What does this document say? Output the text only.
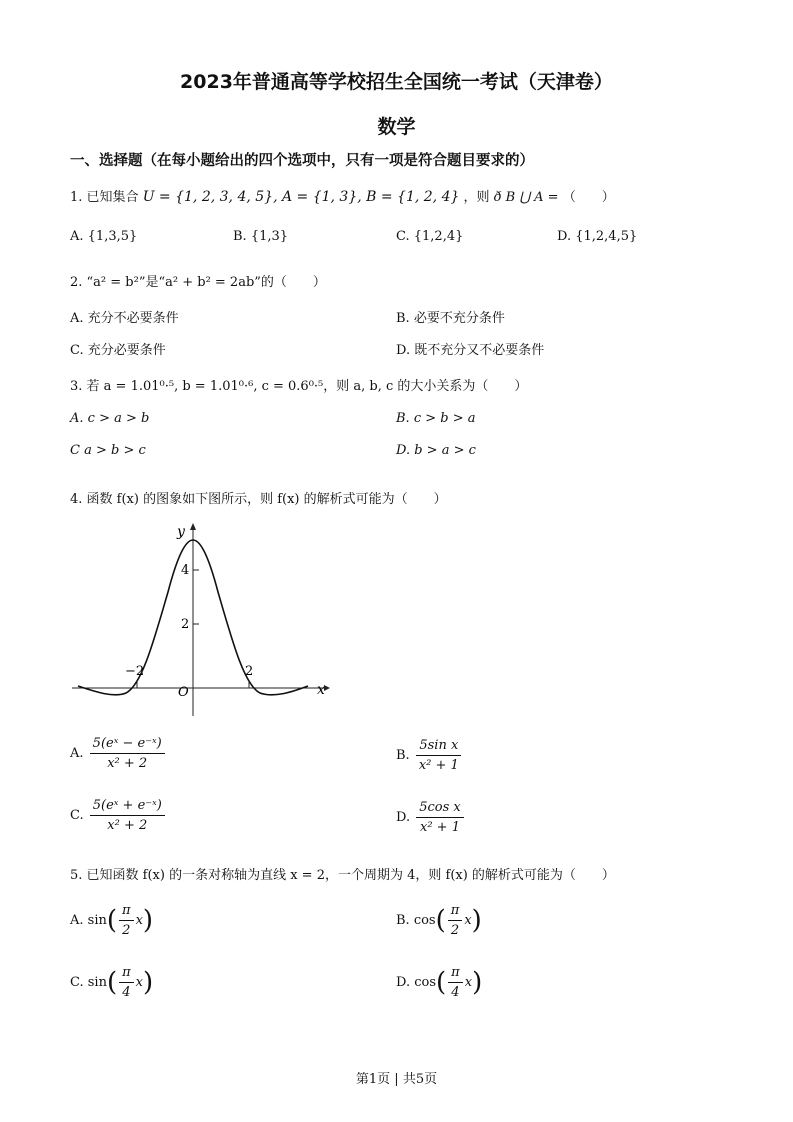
2023年普通高等学校招生全国统一考试（天津卷）
数学
一、选择题（在每小题给出的四个选项中，只有一项是符合题目要求的）
1. 已知集合 U = {1, 2, 3, 4, 5}, A = {1, 3}, B = {1, 2, 4} ，则 ð B ⋃ A = （　　）
A. {1,3,5}	B. {1,3}	C. {1,2,4}	D. {1,2,4,5}
2. “a² = b²”是“a² + b² = 2ab”的（　　）
A. 充分不必要条件	B. 必要不充分条件
C. 充分必要条件	D. 既不充分又不必要条件
3. 若 a = 1.01⁰·⁵, b = 1.01⁰·⁶, c = 0.6⁰·⁵，则 a, b, c 的大小关系为（　　）
A. c > a > b	B. c > b > a
C a > b > c	D. b > a > c
4. 函数 f(x) 的图象如下图所示，则 f(x) 的解析式可能为（　　）
y
x
O
4
2
−2	2
A. $\frac{\text{5(eˣ − e⁻ˣ)}}{\text{x² + 2}}$	B. $\frac{\text{5sin x}}{\text{x² + 1}}$
C. $\frac{\text{5(eˣ + e⁻ˣ)}}{\text{x² + 2}}$	D. $\frac{\text{5cos x}}{\text{x² + 1}}$
5. 已知函数 f(x) 的一条对称轴为直线 x = 2，一个周期为 4，则 f(x) 的解析式可能为（　　）
A. $\sin( \frac{\pi}{2} x)$	B. $\cos( \frac{\pi}{2} x)$
C. $\sin( \frac{\pi}{4} x)$	D. $\cos( \frac{\pi}{4} x)$
第1页 | 共5页
